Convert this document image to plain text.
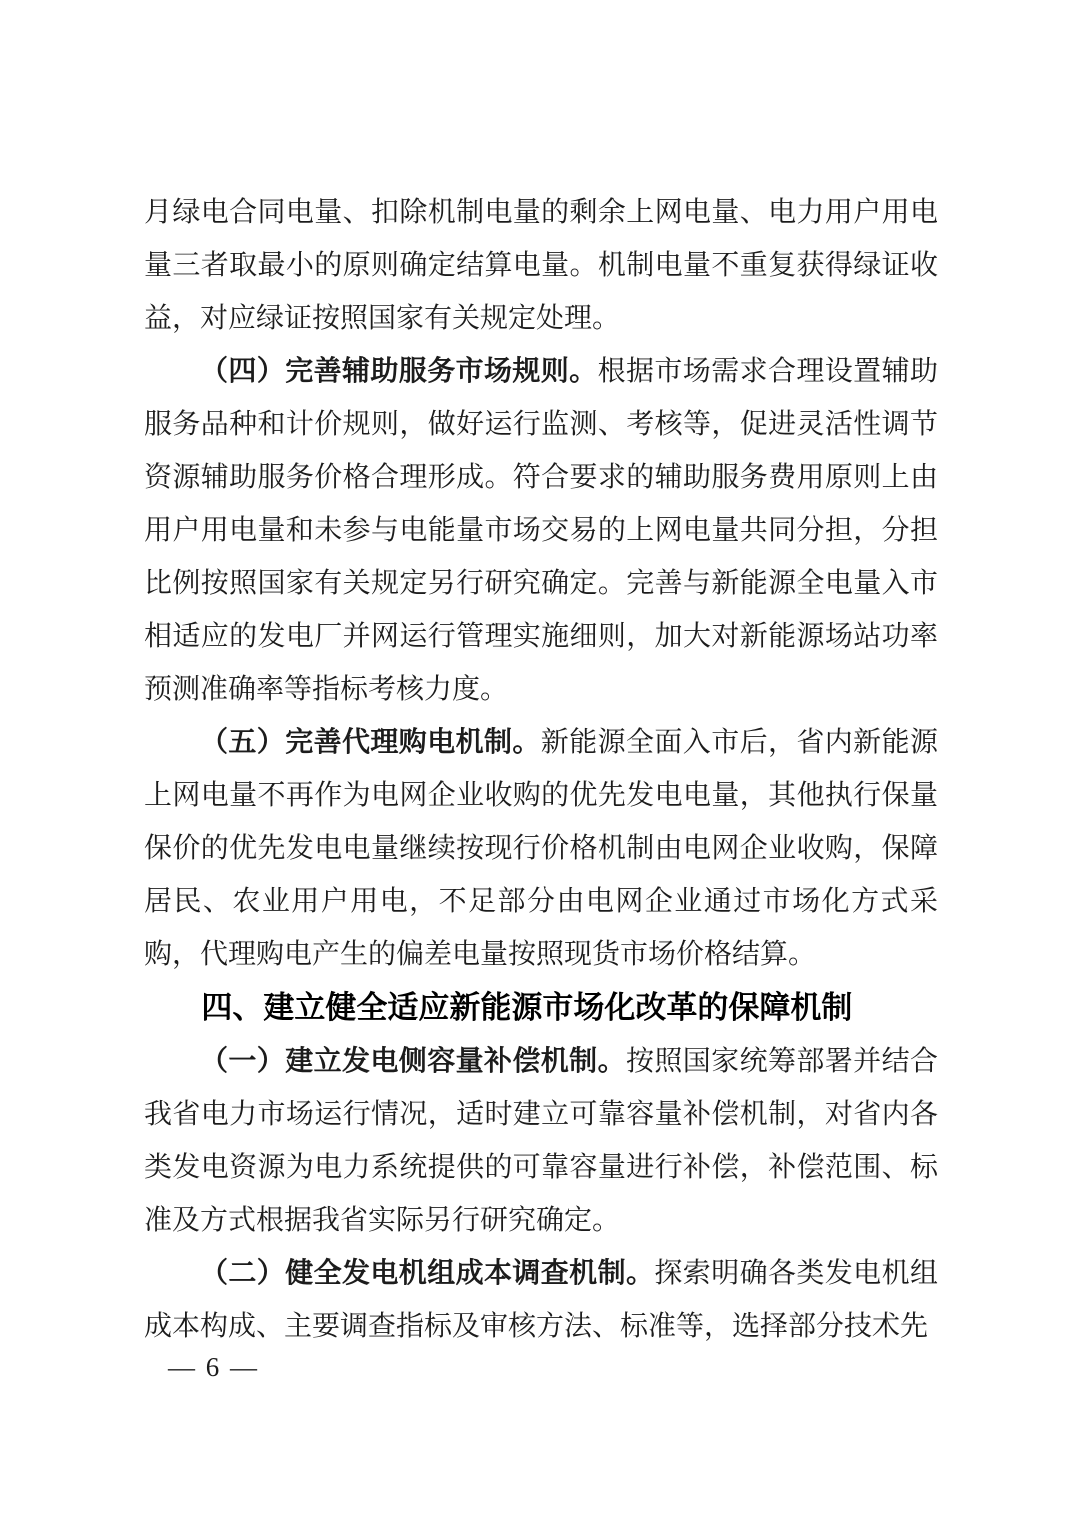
月绿电合同电量、扣除机制电量的剩余上网电量、电力用户用电量三者取最小的原则确定结算电量。机制电量不重复获得绿证收益，对应绿证按照国家有关规定处理。

（四）完善辅助服务市场规则。根据市场需求合理设置辅助服务品种和计价规则，做好运行监测、考核等，促进灵活性调节资源辅助服务价格合理形成。符合要求的辅助服务费用原则上由用户用电量和未参与电能量市场交易的上网电量共同分担，分担比例按照国家有关规定另行研究确定。完善与新能源全电量入市相适应的发电厂并网运行管理实施细则，加大对新能源场站功率预测准确率等指标考核力度。

（五）完善代理购电机制。新能源全面入市后，省内新能源上网电量不再作为电网企业收购的优先发电电量，其他执行保量保价的优先发电电量继续按现行价格机制由电网企业收购，保障居民、农业用户用电，不足部分由电网企业通过市场化方式采购，代理购电产生的偏差电量按照现货市场价格结算。

四、建立健全适应新能源市场化改革的保障机制

（一）建立发电侧容量补偿机制。按照国家统筹部署并结合我省电力市场运行情况，适时建立可靠容量补偿机制，对省内各类发电资源为电力系统提供的可靠容量进行补偿，补偿范围、标准及方式根据我省实际另行研究确定。

（二）健全发电机组成本调查机制。探索明确各类发电机组成本构成、主要调查指标及审核方法、标准等，选择部分技术先

— 6 —
